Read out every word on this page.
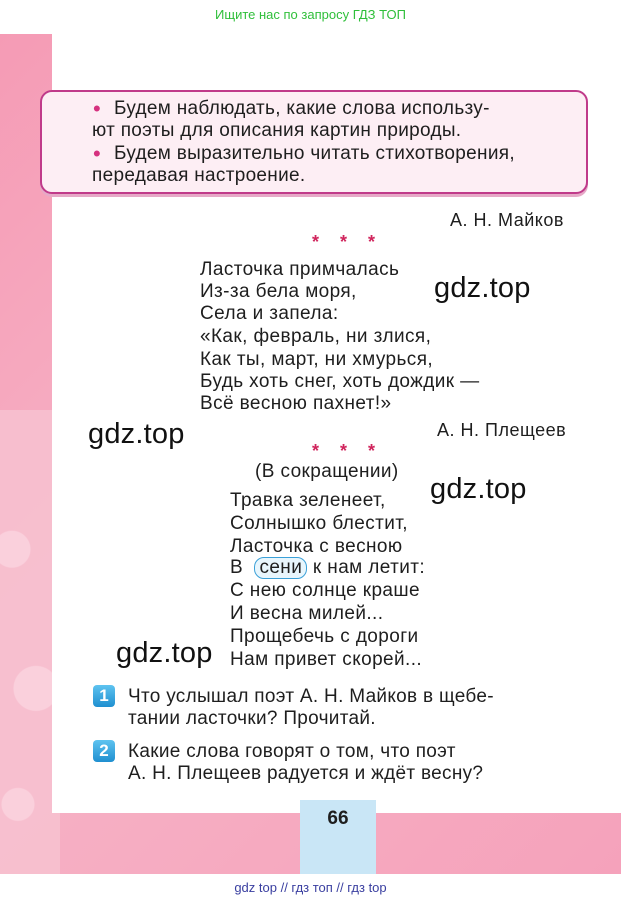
Ищите нас по запросу ГДЗ ТОП
• Будем наблюдать, какие слова использу-
ют поэты для описания картин природы.
• Будем выразительно читать стихотворения,
передавая настроение.
А. Н. Майков
* * *
Ласточка примчалась
Из-за бела моря,
Села и запела:
«Как, февраль, ни злися,
Как ты, март, ни хмурься,
Будь хоть снег, хоть дождик —
Всё весною пахнет!»
А. Н. Плещеев
* * *
(В сокращении)
Травка зеленеет,
Солнышко блестит,
Ласточка с весною
В сени к нам летит:
С нею солнце краше
И весна милей...
Прощебечь с дороги
Нам привет скорей...
gdz.top
gdz.top
gdz.top
gdz.top
1	Что услышал поэт А. Н. Майков в щебе-
тании ласточки? Прочитай.
2	Какие слова говорят о том, что поэт
А. Н. Плещеев радуется и ждёт весну?
66
gdz top // гдз топ // гдз top
